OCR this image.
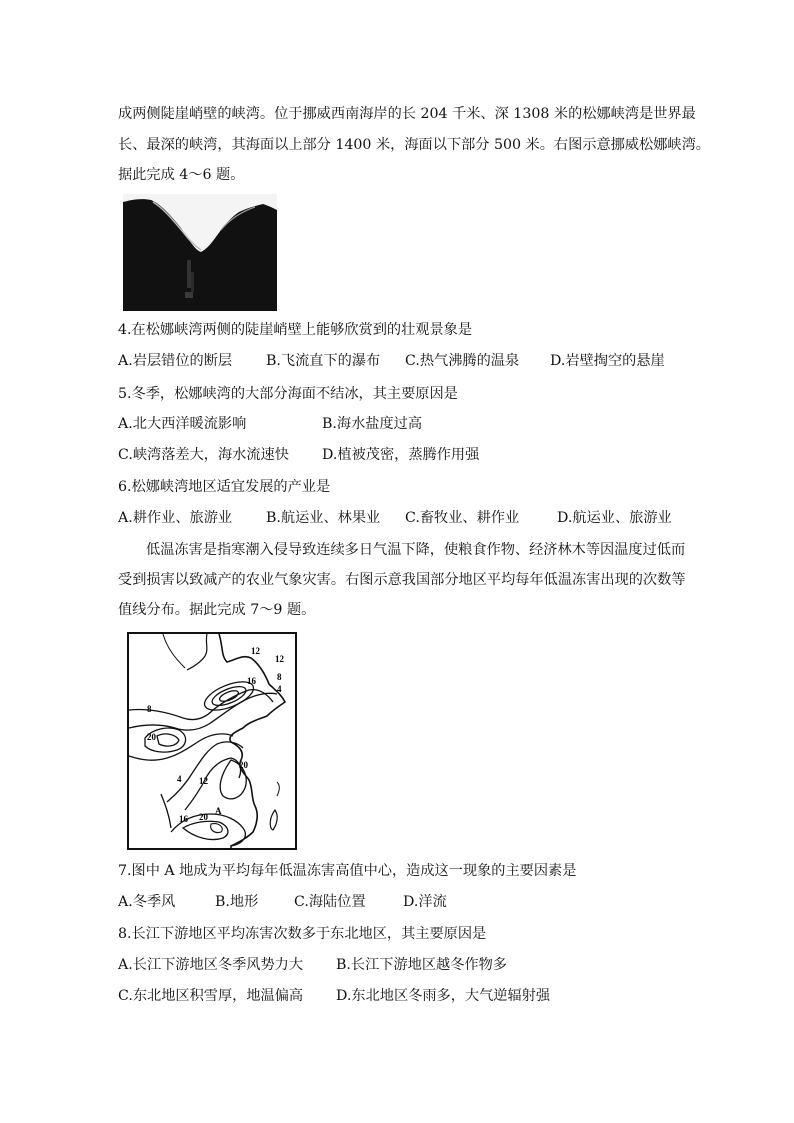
成两侧陡崖峭壁的峡湾。位于挪威西南海岸的长 204 千米、深 1308 米的松娜峡湾是世界最
长、最深的峡湾，其海面以上部分 1400 米，海面以下部分 500 米。右图示意挪威松娜峡湾。
据此完成 4～6 题。
4.在松娜峡湾两侧的陡崖峭壁上能够欣赏到的壮观景象是
A.岩层错位的断层 B.飞流直下的瀑布 C.热气沸腾的温泉 D.岩壁掏空的悬崖
5.冬季，松娜峡湾的大部分海面不结冰，其主要原因是
A.北大西洋暖流影响	B.海水盐度过高
C.峡湾落差大，海水流速快 D.植被茂密，蒸腾作用强
6.松娜峡湾地区适宜发展的产业是
A.耕作业、旅游业 B.航运业、林果业 C.畜牧业、耕作业	D.航运业、旅游业
低温冻害是指寒潮入侵导致连续多日气温下降，使粮食作物、经济林木等因温度过低而
受到损害以致减产的农业气象灾害。右图示意我国部分地区平均每年低温冻害出现的次数等
值线分布。据此完成 7～9 题。
12
12
16 8
4
8
20
20
4 12
16 20
A
7.图中 A 地成为平均每年低温冻害高值中心，造成这一现象的主要因素是
A.冬季风	B.地形	C.海陆位置	D.洋流
8.长江下游地区平均冻害次数多于东北地区，其主要原因是
A.长江下游地区冬季风势力大 B.长江下游地区越冬作物多
C.东北地区积雪厚，地温偏高 D.东北地区冬雨多，大气逆辐射强
